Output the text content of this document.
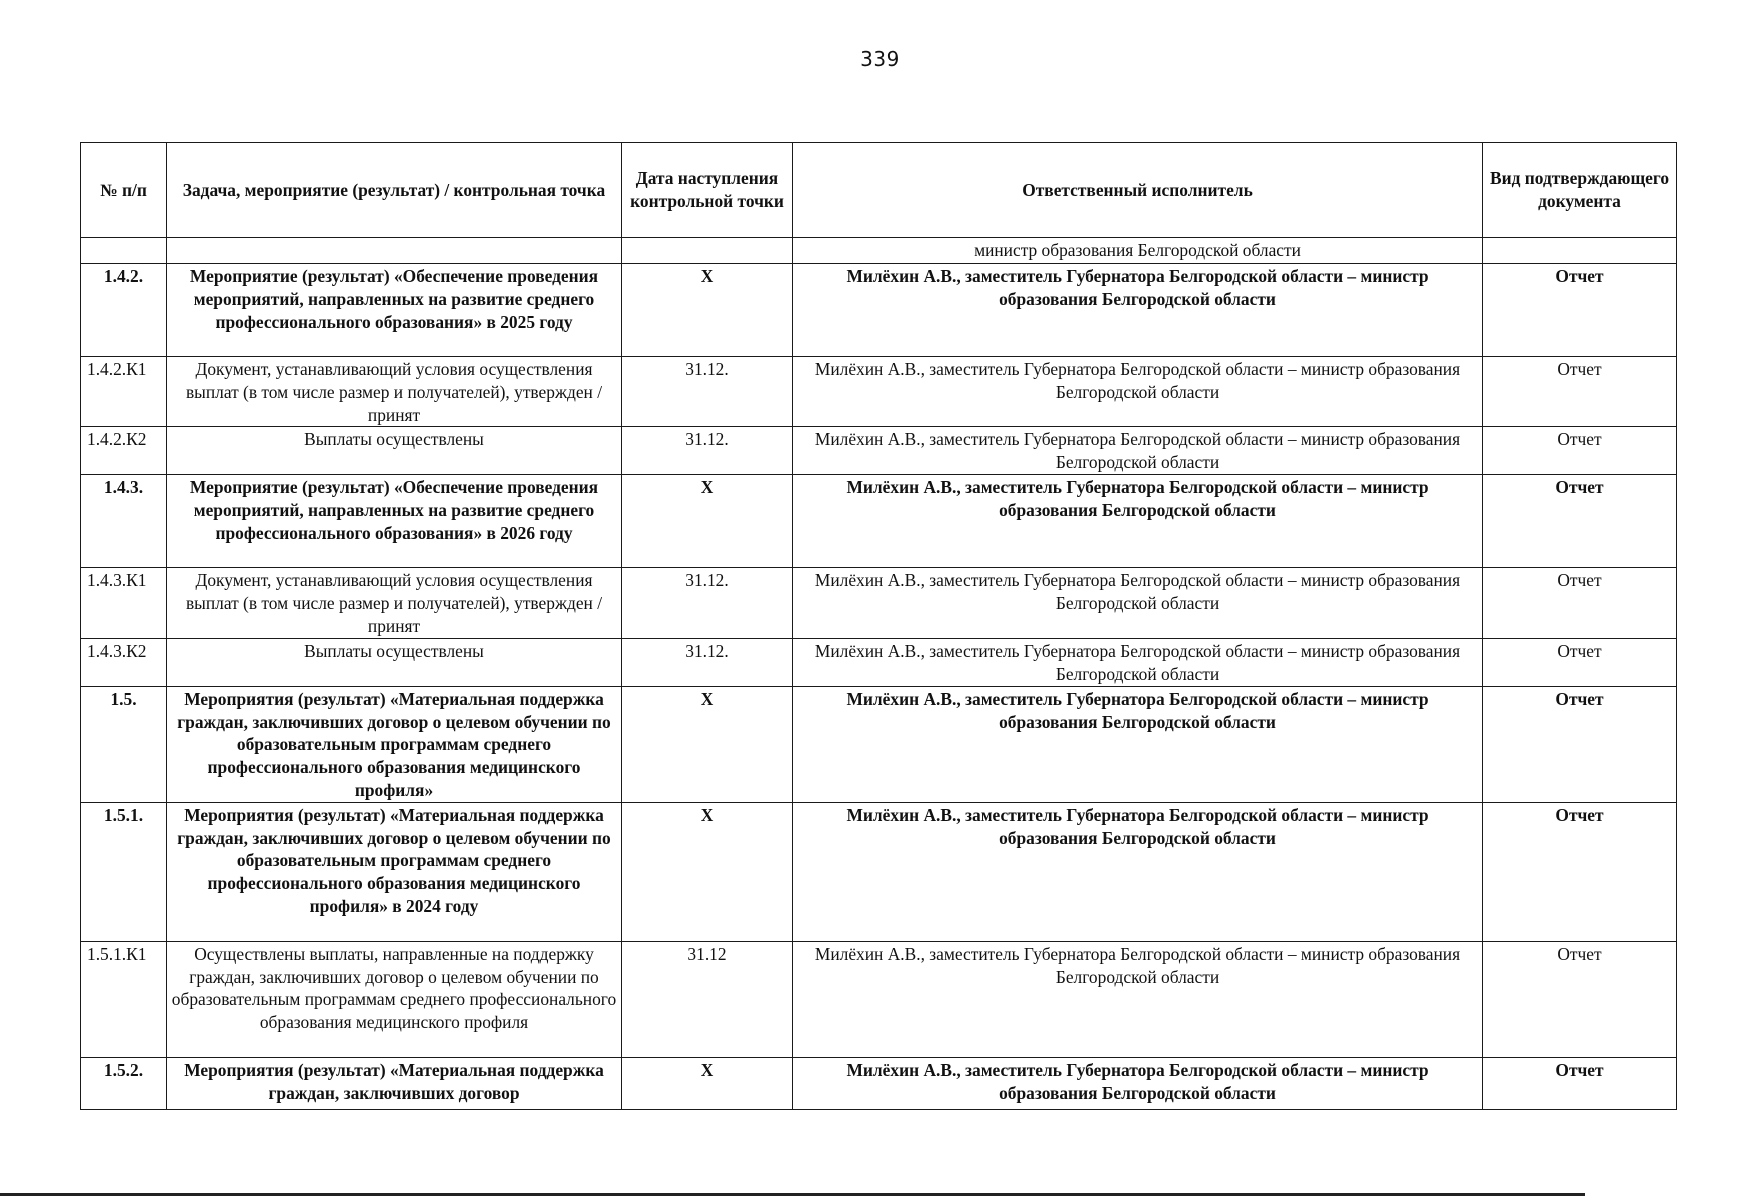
339
№ п/п	Задача, мероприятие (результат) / контрольная точка	Дата наступления контрольной точки	Ответственный исполнитель	Вид подтверждающего документа
			министр образования Белгородской области	
1.4.2.	Мероприятие (результат) «Обеспечение проведения мероприятий, направленных на развитие среднего профессионального образования» в 2025 году	X	Милёхин А.В., заместитель Губернатора Белгородской области – министр образования Белгородской области	Отчет
1.4.2.К1	Документ, устанавливающий условия осуществления выплат (в том числе размер и получателей), утвержден / принят	31.12.	Милёхин А.В., заместитель Губернатора Белгородской области – министр образования Белгородской области	Отчет
1.4.2.К2	Выплаты осуществлены	31.12.	Милёхин А.В., заместитель Губернатора Белгородской области – министр образования Белгородской области	Отчет
1.4.3.	Мероприятие (результат) «Обеспечение проведения мероприятий, направленных на развитие среднего профессионального образования» в 2026 году	X	Милёхин А.В., заместитель Губернатора Белгородской области – министр образования Белгородской области	Отчет
1.4.3.К1	Документ, устанавливающий условия осуществления выплат (в том числе размер и получателей), утвержден / принят	31.12.	Милёхин А.В., заместитель Губернатора Белгородской области – министр образования Белгородской области	Отчет
1.4.3.К2	Выплаты осуществлены	31.12.	Милёхин А.В., заместитель Губернатора Белгородской области – министр образования Белгородской области	Отчет
1.5.	Мероприятия (результат) «Материальная поддержка граждан, заключивших договор о целевом обучении по образовательным программам среднего профессионального образования медицинского профиля»	X	Милёхин А.В., заместитель Губернатора Белгородской области – министр образования Белгородской области	Отчет
1.5.1.	Мероприятия (результат) «Материальная поддержка граждан, заключивших договор о целевом обучении по образовательным программам среднего профессионального образования медицинского профиля» в 2024 году	X	Милёхин А.В., заместитель Губернатора Белгородской области – министр образования Белгородской области	Отчет
1.5.1.К1	Осуществлены выплаты, направленные на поддержку граждан, заключивших договор о целевом обучении по образовательным программам среднего профессионального образования медицинского профиля	31.12	Милёхин А.В., заместитель Губернатора Белгородской области – министр образования Белгородской области	Отчет
1.5.2.	Мероприятия (результат) «Материальная поддержка граждан, заключивших договор	X	Милёхин А.В., заместитель Губернатора Белгородской области – министр образования Белгородской области	Отчет
